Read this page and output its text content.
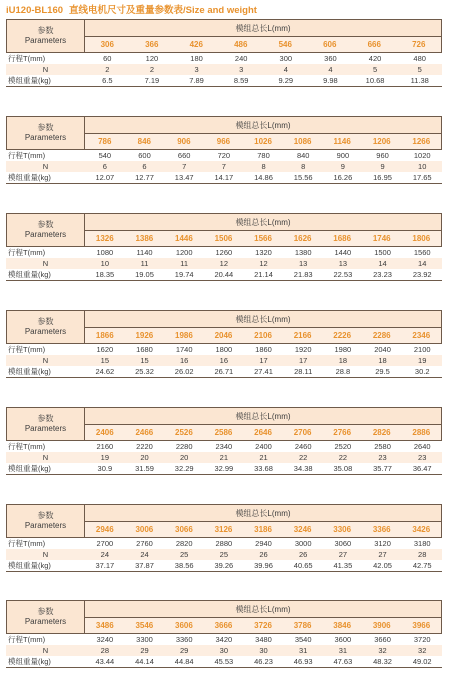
iU120-BL160 直线电机尺寸及重量参数表/Size and weight
参数
Parameters
模组总长L(mm)
306	366	426	486	546	606	666	726
行程T(mm)	60	120	180	240	300	360	420	480
N	2	2	3	3	4	4	5	5
模组重量(kg)	6.5	7.19	7.89	8.59	9.29	9.98	10.68	11.38
参数
Parameters
模组总长L(mm)
786	846	906	966	1026	1086	1146	1206	1266
行程T(mm)	540	600	660	720	780	840	900	960	1020
N	6	6	7	7	8	8	9	9	10
模组重量(kg)	12.07	12.77	13.47	14.17	14.86	15.56	16.26	16.95	17.65
参数
Parameters
模组总长L(mm)
1326	1386	1446	1506	1566	1626	1686	1746	1806
行程T(mm)	1080	1140	1200	1260	1320	1380	1440	1500	1560
N	10	11	11	12	12	13	13	14	14
模组重量(kg)	18.35	19.05	19.74	20.44	21.14	21.83	22.53	23.23	23.92
参数
Parameters
模组总长L(mm)
1866	1926	1986	2046	2106	2166	2226	2286	2346
行程T(mm)	1620	1680	1740	1800	1860	1920	1980	2040	2100
N	15	15	16	16	17	17	18	18	19
模组重量(kg)	24.62	25.32	26.02	26.71	27.41	28.11	28.8	29.5	30.2
参数
Parameters
模组总长L(mm)
2406	2466	2526	2586	2646	2706	2766	2826	2886
行程T(mm)	2160	2220	2280	2340	2400	2460	2520	2580	2640
N	19	20	20	21	21	22	22	23	23
模组重量(kg)	30.9	31.59	32.29	32.99	33.68	34.38	35.08	35.77	36.47
参数
Parameters
模组总长L(mm)
2946	3006	3066	3126	3186	3246	3306	3366	3426
行程T(mm)	2700	2760	2820	2880	2940	3000	3060	3120	3180
N	24	24	25	25	26	26	27	27	28
模组重量(kg)	37.17	37.87	38.56	39.26	39.96	40.65	41.35	42.05	42.75
参数
Parameters
模组总长L(mm)
3486	3546	3606	3666	3726	3786	3846	3906	3966
行程T(mm)	3240	3300	3360	3420	3480	3540	3600	3660	3720
N	28	29	29	30	30	31	31	32	32
模组重量(kg)	43.44	44.14	44.84	45.53	46.23	46.93	47.63	48.32	49.02
